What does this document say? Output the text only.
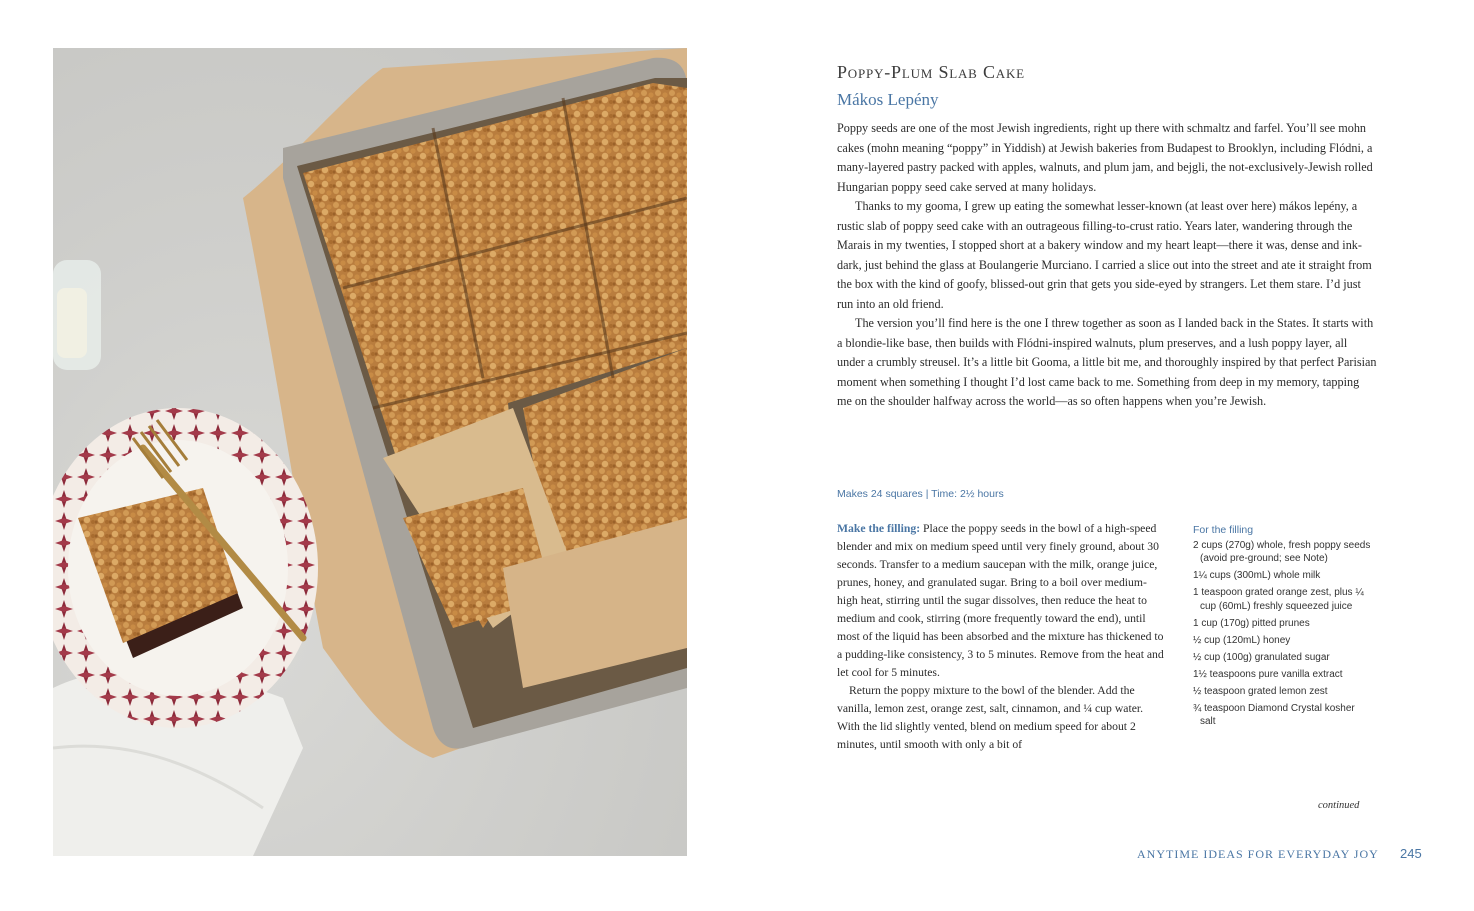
Poppy-Plum Slab Cake
Mákos Lepény

Poppy seeds are one of the most Jewish ingredients, right up there with schmaltz and farfel. You’ll see mohn cakes (mohn meaning “poppy” in Yiddish) at Jewish bakeries from Budapest to Brooklyn, including Flódni, a many-layered pastry packed with apples, walnuts, and plum jam, and bejgli, the not-exclusively-Jewish rolled Hungarian poppy seed cake served at many holidays.

Thanks to my gooma, I grew up eating the somewhat lesser-known (at least over here) mákos lepény, a rustic slab of poppy seed cake with an outrageous filling-to-crust ratio. Years later, wandering through the Marais in my twenties, I stopped short at a bakery window and my heart leapt—there it was, dense and ink-dark, just behind the glass at Boulangerie Murciano. I carried a slice out into the street and ate it straight from the box with the kind of goofy, blissed-out grin that gets you side-eyed by strangers. Let them stare. I’d just run into an old friend.

The version you’ll find here is the one I threw together as soon as I landed back in the States. It starts with a blondie-like base, then builds with Flódni-inspired walnuts, plum preserves, and a lush poppy layer, all under a crumbly streusel. It’s a little bit Gooma, a little bit me, and thoroughly inspired by that perfect Parisian moment when something I thought I’d lost came back to me. Something from deep in my memory, tapping me on the shoulder halfway across the world—as so often happens when you’re Jewish.

Makes 24 squares | Time: 2½ hours

Make the filling: Place the poppy seeds in the bowl of a high-speed blender and mix on medium speed until very finely ground, about 30 seconds. Transfer to a medium saucepan with the milk, orange juice, prunes, honey, and granulated sugar. Bring to a boil over medium-high heat, stirring until the sugar dissolves, then reduce the heat to medium and cook, stirring (more frequently toward the end), until most of the liquid has been absorbed and the mixture has thickened to a pudding-like consistency, 3 to 5 minutes. Remove from the heat and let cool for 5 minutes.

Return the poppy mixture to the bowl of the blender. Add the vanilla, lemon zest, orange zest, salt, cinnamon, and ¼ cup water. With the lid slightly vented, blend on medium speed for about 2 minutes, until smooth with only a bit of

For the filling
2 cups (270g) whole, fresh poppy seeds (avoid pre-ground; see Note)
1¼ cups (300mL) whole milk
1 teaspoon grated orange zest, plus ¼ cup (60mL) freshly squeezed juice
1 cup (170g) pitted prunes
½ cup (120mL) honey
½ cup (100g) granulated sugar
1½ teaspoons pure vanilla extract
½ teaspoon grated lemon zest
¾ teaspoon Diamond Crystal kosher salt
continued
ANYTIME IDEAS FOR EVERYDAY JOY 245
